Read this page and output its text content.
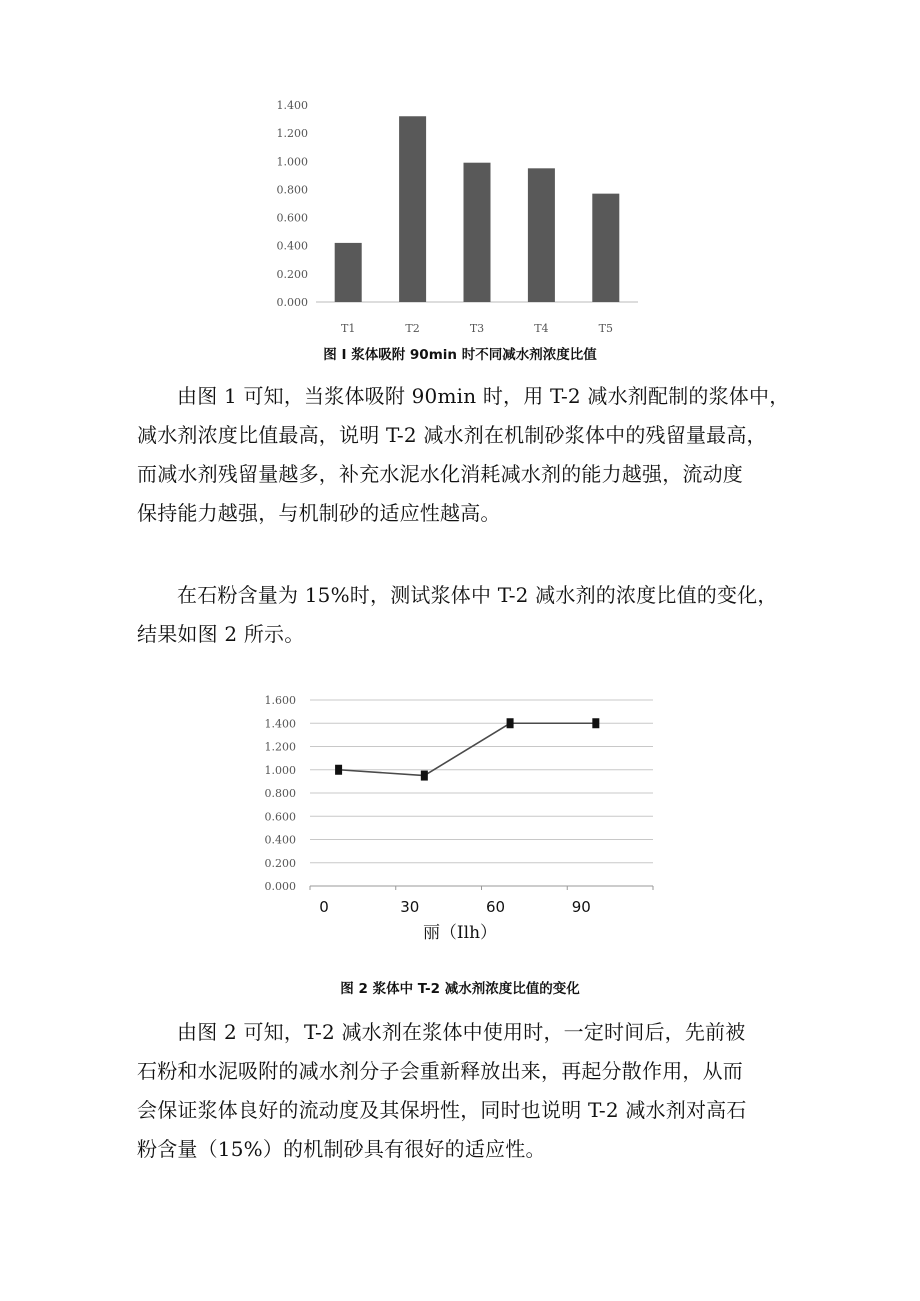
0.000
0.200
0.400
0.600
0.800
1.000
1.200
1.400
T1	T2	T3	T4	T5
图 I 浆体吸附 90min 时不同减水剂浓度比值

由图 1 可知，当浆体吸附 90min 时，用 T-2 减水剂配制的浆体中，
减水剂浓度比值最高，说明 T-2 减水剂在机制砂浆体中的残留量最高，
而减水剂残留量越多，补充水泥水化消耗减水剂的能力越强，流动度
保持能力越强，与机制砂的适应性越高。

在石粉含量为 15%时，测试浆体中 T-2 减水剂的浓度比值的变化，
结果如图 2 所示。

0.000
0.200
0.400
0.600
0.800
1.000
1.200
1.400
1.600
0	30	60	90
丽（Ilh）
图 2 浆体中 T-2 减水剂浓度比值的变化

由图 2 可知，T-2 减水剂在浆体中使用时，一定时间后，先前被
石粉和水泥吸附的减水剂分子会重新释放出来，再起分散作用，从而
会保证浆体良好的流动度及其保坍性，同时也说明 T-2 减水剂对高石
粉含量（15%）的机制砂具有很好的适应性。
